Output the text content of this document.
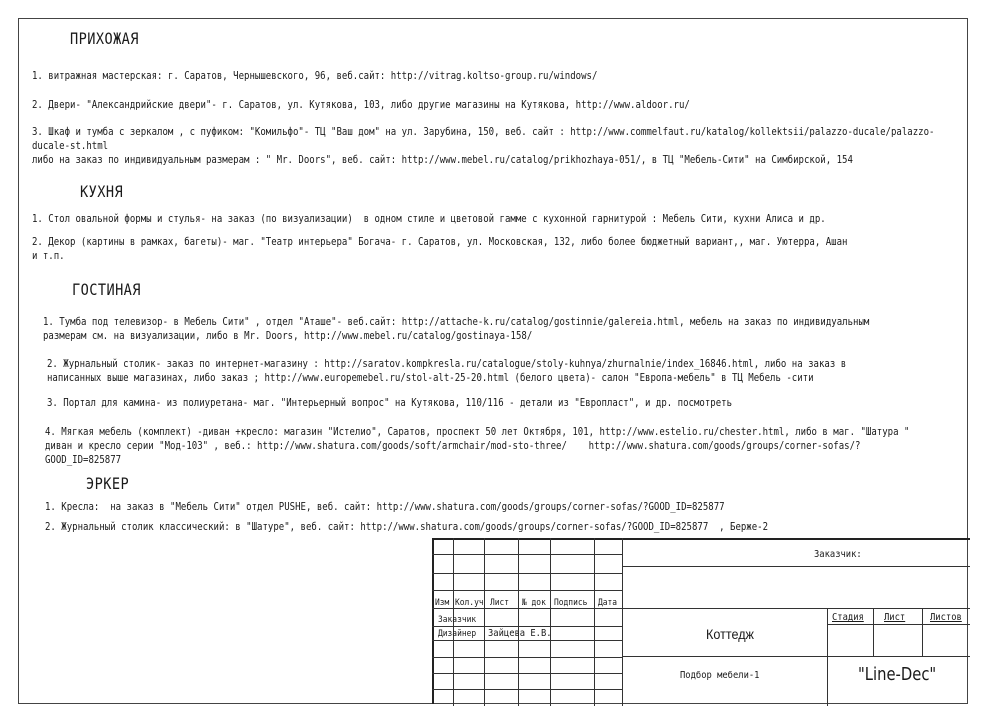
ПРИХОЖАЯ
1. витражная мастерская: г. Саратов, Чернышевского, 96, веб.сайт: http://vitrag.koltso-group.ru/windows/
2. Двери- "Александрийские двери"- г. Саратов, ул. Кутякова, 103, либо другие магазины на Кутякова, http://www.aldoor.ru/
3. Шкаф и тумба с зеркалом , с пуфиком: "Комильфо"- ТЦ "Ваш дом" на ул. Зарубина, 150, веб. сайт : http://www.commelfaut.ru/katalog/kollektsii/palazzo-ducale/palazzo-
ducale-st.html
либо на заказ по индивидуальным размерам : " Mr. Doors", веб. сайт: http://www.mebel.ru/catalog/prikhozhaya-051/, в ТЦ "Мебель-Сити" на Симбирской, 154
КУХНЯ
1. Стол овальной формы и стулья- на заказ (по визуализации)  в одном стиле и цветовой гамме с кухонной гарнитурой : Мебель Сити, кухни Алиса и др.
2. Декор (картины в рамках, багеты)- маг. "Театр интерьера" Богача- г. Саратов, ул. Московская, 132, либо более бюджетный вариант,, маг. Уютерра, Ашан
и т.п.
ГОСТИНАЯ
1. Тумба под телевизор- в Мебель Сити" , отдел "Аташе"- веб.сайт: http://attache-k.ru/catalog/gostinnie/galereia.html, мебель на заказ по индивидуальным
размерам см. на визуализации, либо в Mr. Doors, http://www.mebel.ru/catalog/gostinaya-158/
2. Журнальный столик- заказ по интернет-магазину : http://saratov.kompkresla.ru/catalogue/stoly-kuhnya/zhurnalnie/index_16846.html, либо на заказ в
написанных выше магазинах, либо заказ ; http://www.europemebel.ru/stol-alt-25-20.html (белого цвета)- салон "Европа-мебель" в ТЦ Мебель -сити
3. Портал для камина- из полиуретана- маг. "Интерьерный вопрос" на Кутякова, 110/116 - детали из "Европласт", и др. посмотреть
4. Мягкая мебель (комплект) -диван +кресло: магазин "Истелио", Саратов, проспект 50 лет Октября, 101, http://www.estelio.ru/chester.html, либо в маг. "Шатура "
диван и кресло серии "Мод-103" , веб.: http://www.shatura.com/goods/soft/armchair/mod-sto-three/    http://www.shatura.com/goods/groups/corner-sofas/?
GOOD_ID=825877
ЭРКЕР
1. Кресла:  на заказ в "Мебель Сити" отдел PUSHE, веб. сайт: http://www.shatura.com/goods/groups/corner-sofas/?GOOD_ID=825877
2. Журнальный столик классический: в "Шатуре", веб. сайт: http://www.shatura.com/goods/groups/corner-sofas/?GOOD_ID=825877  , Берже-2
Заказчик:
Изм Кол.уч Лист № док Подпись Дата
Заказчик
Дизайнер Зайцева Е.В.	Коттедж
Стадия Лист Листов
Подбор мебели-1	"Line-Dec"
